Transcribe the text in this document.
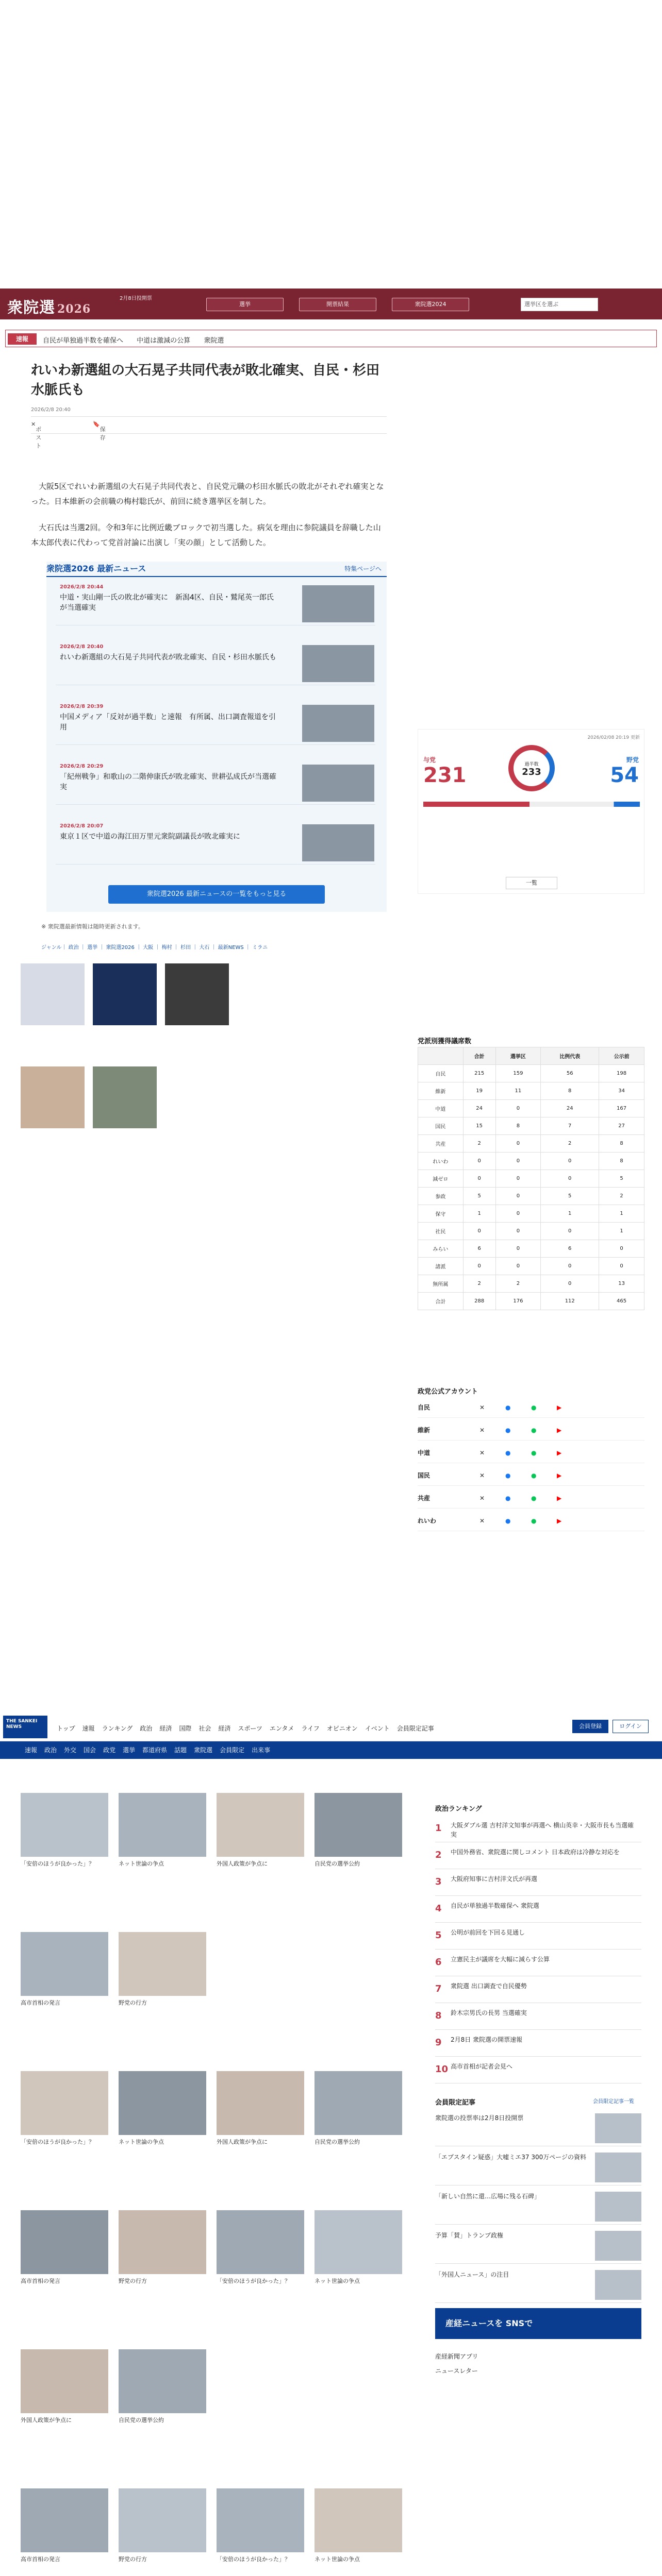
衆院選 2026
2月8日投開票
選挙	開票結果	衆院選2024	選挙区を選ぶ
速報	自民が単独過半数を確保へ 中道は激減の公算 衆院選
れいわ新選組の大石晃子共同代表が敗北確実、自民・杉田水脈氏も
2026/2/8 20:40
✕
ポスト
🔖
保存

大阪5区でれいわ新選組の大石晃子共同代表と、自民党元職の杉田水脈氏の敗北がそれぞれ確実となった。日本維新の会前職の梅村聡氏が、前回に続き選挙区を制した。

大石氏は当選2回。令和3年に比例近畿ブロックで初当選した。病気を理由に参院議員を辞職した山本太郎代表に代わって党首討論に出演し「実の顔」として活動した。

衆院選2026 最新ニュース	特集ページへ
2026/2/8 20:44
中道・実山剛一氏の敗北が確実に　新潟4区、自民・鷲尾英一郎氏が当選確実
2026/2/8 20:40
れいわ新選組の大石晃子共同代表が敗北確実、自民・杉田水脈氏も
2026/2/8 20:39
中国メディア「反対が過半数」と速報　有所属、出口調査報道を引用
2026/2/8 20:29
「紀州戦争」和歌山の二階伸康氏が敗北確実、世耕弘成氏が当選確実
2026/2/8 20:07
東京１区で中道の海江田万里元衆院副議長が敗北確実に
衆院選2026 最新ニュースの一覧をもっと見る
※ 衆院選最新情報は随時更新されます。
ジャンル｜ 政治 ｜ 選挙 ｜ 衆院選2026 ｜ 大阪 ｜ 梅村 ｜ 杉田 ｜ 大石 ｜ 最新NEWS ｜ ミラニ
2026/02/08 20:19 更新
与党
231	過半数
233
野党
54
一覧
党派別獲得議席数
	合計	選挙区	比例代表	公示前
自民	215	159	56	198
維新	19	11	8	34
中道	24	0	24	167
国民	15	8	7	27
共産	2	0	2	8
れいわ	0	0	0	8
減ゼロ	0	0	0	5
参政	5	0	5	2
保守	1	0	1	1
社民	0	0	0	1
みらい	6	0	6	0
諸派	0	0	0	0
無所属	2	2	0	13
合計	288	176	112	465
政党公式アカウント
自民	✕	●	●	▶
維新	✕	●	●	▶
中道	✕	●	●	▶
国民	✕	●	●	▶
共産	✕	●	●	▶
れいわ	✕	●	●	▶
THE SANKEI NEWS	トップ 速報 ランキング 政治 経済 国際 社会 経済 スポーツ エンタメ ライフ オピニオン イベント 会員限定記事	会員登録	ログイン
速報 政治 外交 国会 政党 選挙 都道府県 話題 衆院選 会員限定 出来事
政治ランキング
1 大阪ダブル選 吉村洋文知事が再選へ 横山英幸・大阪市長も当選確実
2 中国外務省、衆院選に関しコメント 日本政府は冷静な対応を
3 大阪府知事に吉村洋文氏が再選
4 自民が単独過半数確保へ 衆院選
5 公明が前回を下回る見通し
6 立憲民主が議席を大幅に減らす公算
7 衆院選 出口調査で自民優勢
8 鈴木宗男氏の長男 当選確実
9 2月8日 衆院選の開票速報
10 高市首相が記者会見へ
会員限定記事	会員限定記事一覧
衆院選の投票率は2月8日投開票
「エプスタイン疑惑」大嘘ミエ37 300万ページの資料
「新しい自然に還…広場に残る石碑」
予算「賛」トランプ政権
「外国人ニュース」の注目
産経ニュースを SNSで
産経新聞アプリ
ニュースレター
「安倍のほうが良かった」？	ネット世論の争点	外国人政策が争点に	自民党の選挙公約
高市首相の発言	野党の行方
「安倍のほうが良かった」？	ネット世論の争点	外国人政策が争点に	自民党の選挙公約
高市首相の発言	野党の行方	「安倍のほうが良かった」？	ネット世論の争点
外国人政策が争点に	自民党の選挙公約
高市首相の発言	野党の行方	「安倍のほうが良かった」？	ネット世論の争点
